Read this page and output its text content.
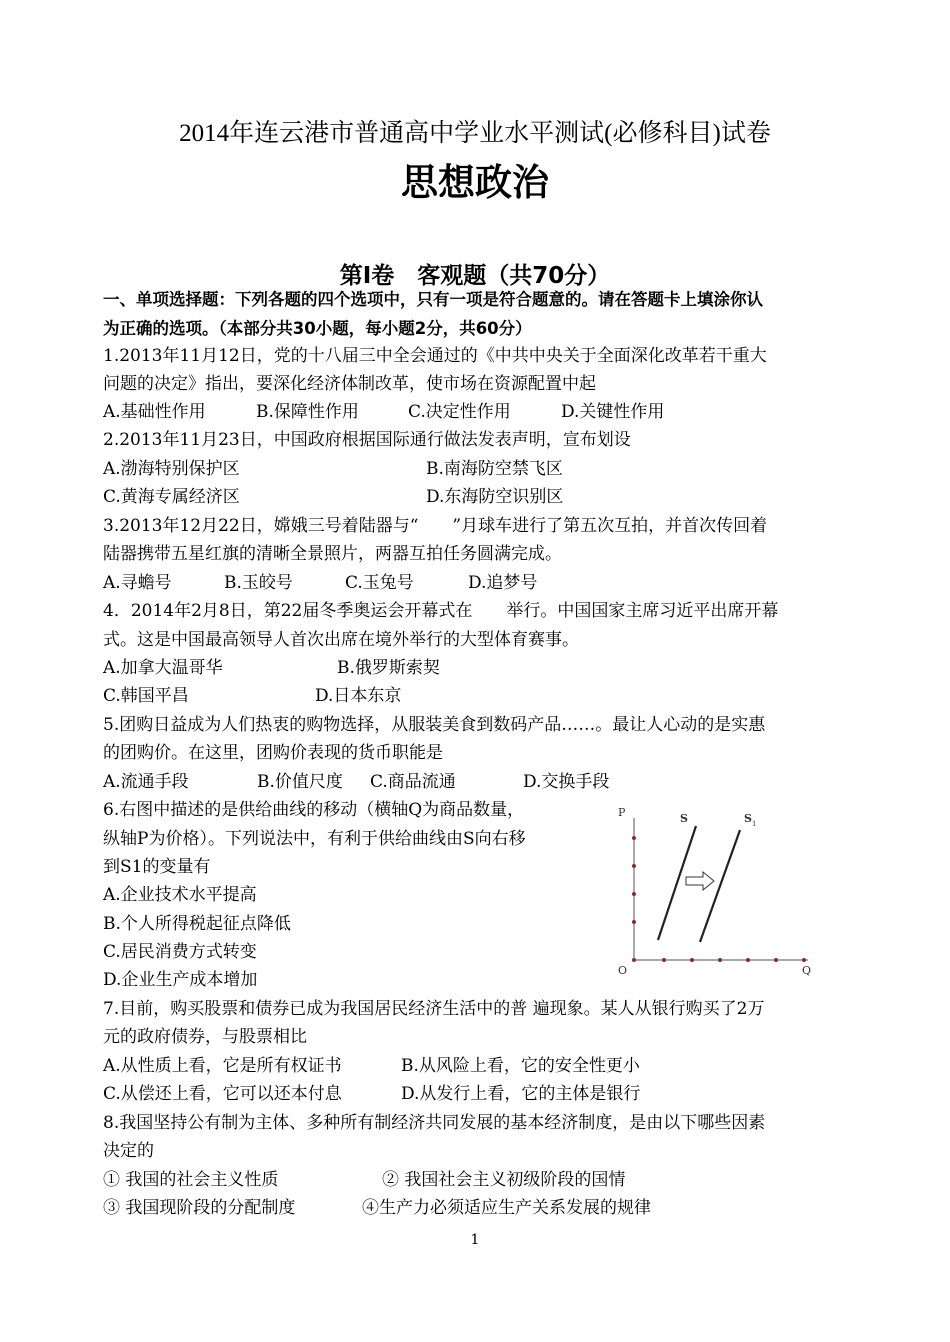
2014年连云港市普通高中学业水平测试(必修科目)试卷
思想政治
第Ⅰ卷　客观题（共70分）
一、单项选择题：下列各题的四个选项中，只有一项是符合题意的。请在答题卡上填涂你认
为正确的选项。（本部分共30小题，每小题2分，共60分）
1.2013年11月12日，党的十八届三中全会通过的《中共中央关于全面深化改革若干重大
问题的决定》指出，要深化经济体制改革，使市场在资源配置中起
A.基础性作用	B.保障性作用	C.决定性作用	D.关键性作用
2.2013年11月23日，中国政府根据国际通行做法发表声明，宣布划设
A.渤海特别保护区	B.南海防空禁飞区
C.黄海专属经济区	D.东海防空识别区
3.2013年12月22日，嫦娥三号着陆器与“　　”月球车进行了第五次互拍，并首次传回着
陆器携带五星红旗的清晰全景照片，两器互拍任务圆满完成。
A.寻蟾号	B.玉皎号	C.玉兔号	D.追梦号
4．2014年2月8日，第22届冬季奥运会开幕式在　　举行。中国国家主席习近平出席开幕
式。这是中国最高领导人首次出席在境外举行的大型体育赛事。
A.加拿大温哥华	B.俄罗斯索契
C.韩国平昌	D.日本东京
5.团购日益成为人们热衷的购物选择，从服装美食到数码产品……。最让人心动的是实惠
的团购价。在这里，团购价表现的货币职能是
A.流通手段	B.价值尺度 C.商品流通	D.交换手段
6.右图中描述的是供给曲线的移动（横轴Q为商品数量，
纵轴P为价格）。下列说法中，有利于供给曲线由S向右移
到S1的变量有
A.企业技术水平提高
B.个人所得税起征点降低
C.居民消费方式转变
D.企业生产成本增加
P
O	Q
S	S 1
7.目前，购买股票和债券已成为我国居民经济生活中的普 遍现象。某人从银行购买了2万
元的政府债券，与股票相比
A.从性质上看，它是所有权证书	B.从风险上看，它的安全性更小
C.从偿还上看，它可以还本付息	D.从发行上看，它的主体是银行
8.我国坚持公有制为主体、多种所有制经济共同发展的基本经济制度，是由以下哪些因素
决定的
① 我国的社会主义性质	② 我国社会主义初级阶段的国情
③ 我国现阶段的分配制度	④生产力必须适应生产关系发展的规律
1
